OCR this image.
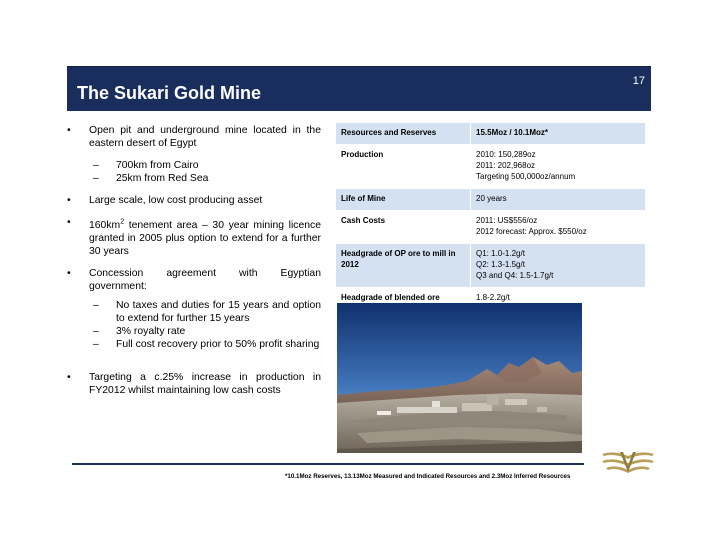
The Sukari Gold Mine
17
• Open pit and underground mine located in the eastern desert of Egypt
– 700km from Cairo
– 25km from Red Sea
• Large scale, low cost producing asset
• $160km^2$ tenement area – 30 year mining licence granted in 2005 plus option to extend for a further 30 years
• Concession agreement with Egyptian government:
– No taxes and duties for 15 years and option to extend for further 15 years
– 3% royalty rate
– Full cost recovery prior to 50% profit sharing
• Targeting a c.25% increase in production in FY2012 whilst maintaining low cash costs
Resources and Reserves	15.5Moz / 10.1Moz*
Production	2010: 150,289oz
2011: 202,968oz
Targeting 500,000oz/annum

Life of Mine	20 years

Cash Costs	2011: US$556/oz
2012 forecast: Approx. $550/oz

Headgrade of OP ore to mill in 2012	Q1: 1.0-1.2g/t
Q2: 1.3-1.5g/t
Q3 and Q4: 1.5-1.7g/t

Headgrade of blended ore	1.8-2.2g/t
*10.1Moz Reserves, 13.13Moz Measured and Indicated Resources and 2.3Moz Inferred Resources
